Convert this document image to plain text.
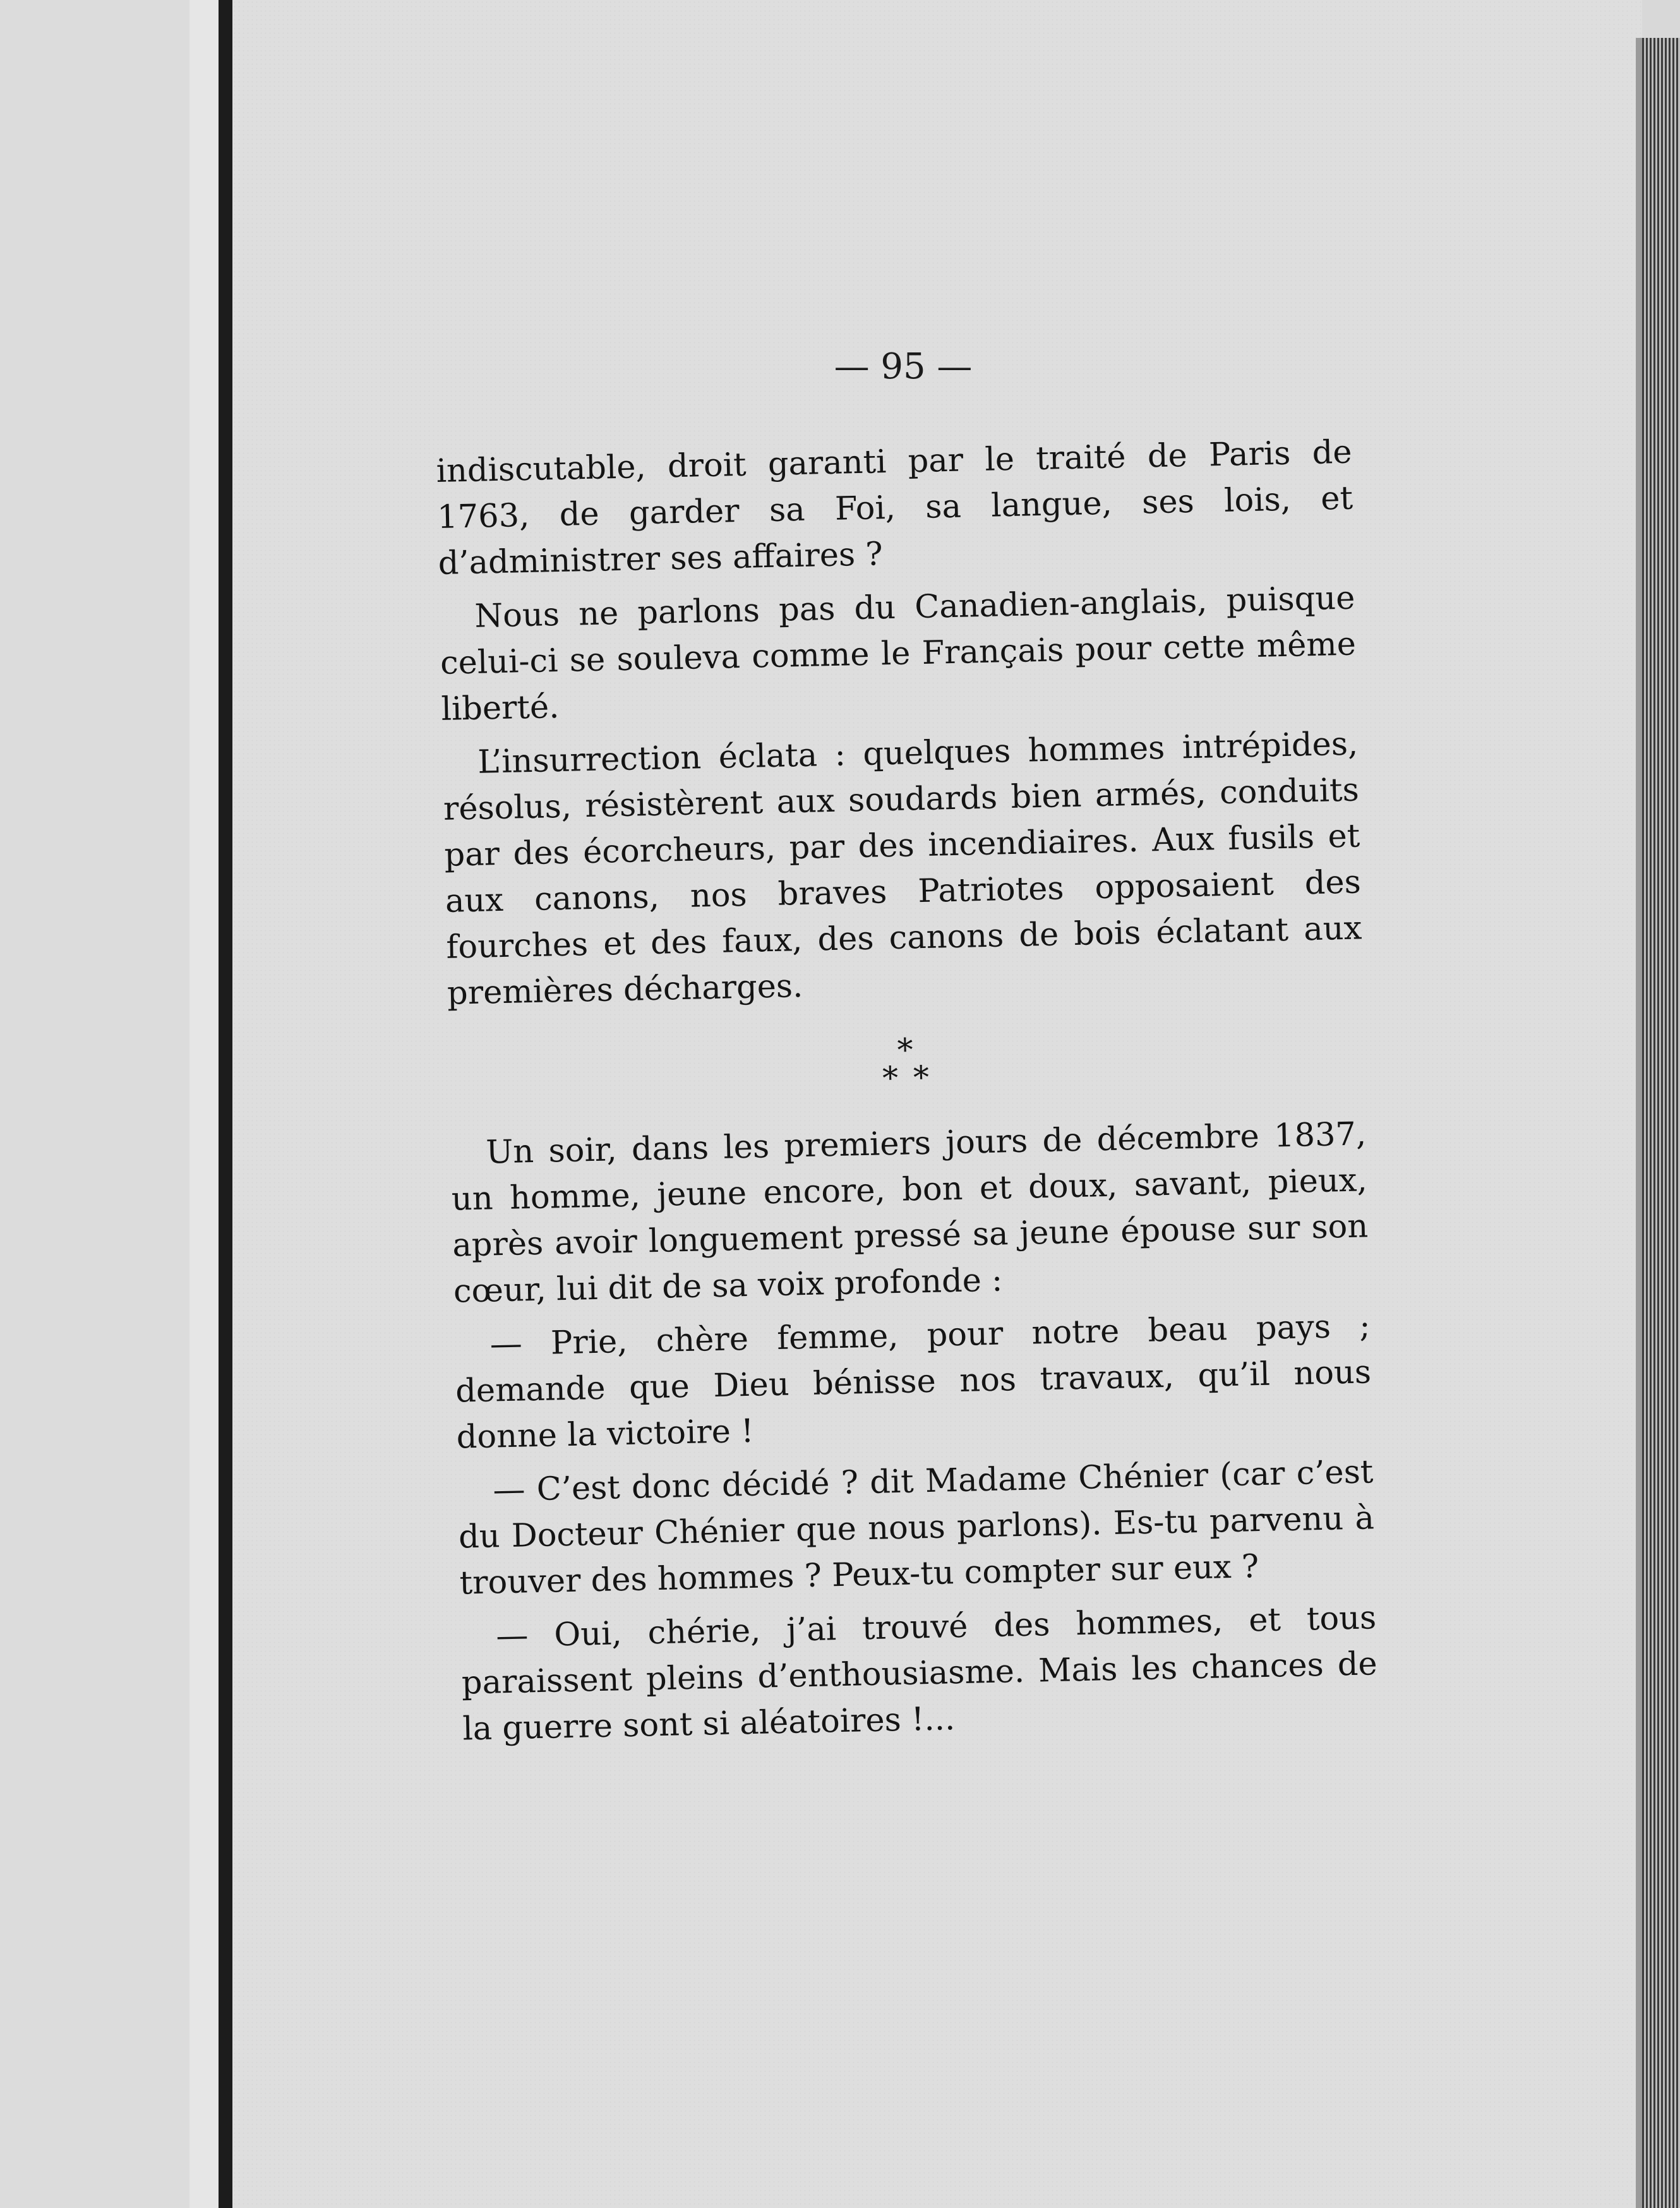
— 95 —

indiscutable, droit garanti par le traité de Paris de 1763, de garder sa Foi, sa langue, ses lois, et d’administrer ses affaires ?

Nous ne parlons pas du Canadien-anglais, puisque celui-ci se souleva comme le Français pour cette même liberté.

L’insurrection éclata : quelques hommes intrépides, résolus, résistèrent aux soudards bien armés, conduits par des écorcheurs, par des incendiaires. Aux fusils et aux canons, nos braves Patriotes opposaient des fourches et des faux, des canons de bois éclatant aux premières décharges.

*
* *

Un soir, dans les premiers jours de décembre 1837, un homme, jeune encore, bon et doux, savant, pieux, après avoir longuement pressé sa jeune épouse sur son cœur, lui dit de sa voix profonde :

— Prie, chère femme, pour notre beau pays ; demande que Dieu bénisse nos travaux, qu’il nous donne la victoire !

— C’est donc décidé ? dit Madame Chénier (car c’est du Docteur Chénier que nous parlons). Es-tu parvenu à trouver des hommes ? Peux-tu compter sur eux ?

— Oui, chérie, j’ai trouvé des hommes, et tous paraissent pleins d’enthousiasme. Mais les chances de la guerre sont si aléatoires !...
